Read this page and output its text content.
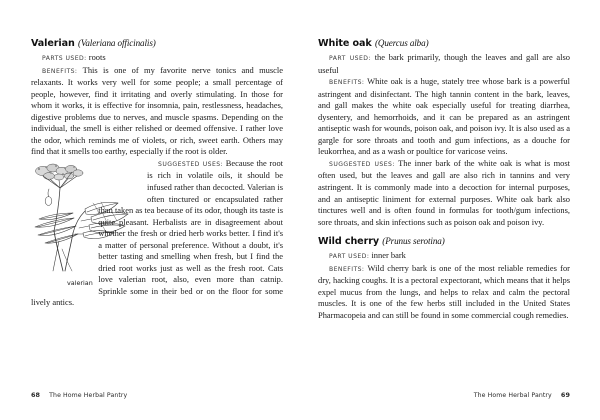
Valerian (Valeriana officinalis)

PARTS USED: roots

BENEFITS: This is one of my favorite nerve tonics and muscle relaxants. It works very well for some people; a small percentage of people, however, find it irritating and overly stimulating. In those for whom it works, it is effective for insomnia, pain, restlessness, headaches, digestive problems due to nerves, and muscle spasms. Depending on the individual, the smell is either relished or deemed offensive. I rather love the odor, which reminds me of violets, or rich, sweet earth. Others may find that it smells too earthy, especially if the root is older.

valerian
SUGGESTED USES: Because the root is rich in volatile oils, it should be infused rather than decocted. Valerian is often tinctured or encapsulated rather than taken as tea because of its odor, though its taste is quite pleasant. Herbalists are in disagreement about whether the fresh or dried herb works better. I find it's a matter of personal preference. Without a doubt, it's better tasting and smelling when fresh, but I find the dried root works just as well as the fresh root. Cats love valerian root, also, even more than catnip. Sprinkle some in their bed or on the floor for some lively antics.

White oak (Quercus alba)

PART USED: the bark primarily, though the leaves and gall are also useful

BENEFITS: White oak is a huge, stately tree whose bark is a powerful astringent and disinfectant. The high tannin content in the bark, leaves, and gall makes the white oak especially useful for treating diarrhea, dysentery, and hemorrhoids, and it can be prepared as an astringent antiseptic wash for wounds, poison oak, and poison ivy. It is also used as a gargle for sore throats and tooth and gum infections, as a douche for leukorrhea, and as a wash or poultice for varicose veins.

SUGGESTED USES: The inner bark of the white oak is what is most often used, but the leaves and gall are also rich in tannins and very astringent. It is commonly made into a decoction for internal purposes, and an antiseptic liniment for external purposes. White oak bark also tinctures well and is often found in formulas for tooth/gum infections, sore throats, and skin infections such as poison oak and poison ivy.

Wild cherry (Prunus serotina)

PART USED: inner bark

BENEFITS: Wild cherry bark is one of the most reliable remedies for dry, hacking coughs. It is a pectoral expectorant, which means that it helps expel mucus from the lungs, and helps to relax and calm the pectoral muscles. It is one of the few herbs still included in the United States Pharmacopeia and can still be found in some commercial cough remedies.

68 The Home Herbal Pantry	The Home Herbal Pantry 69
